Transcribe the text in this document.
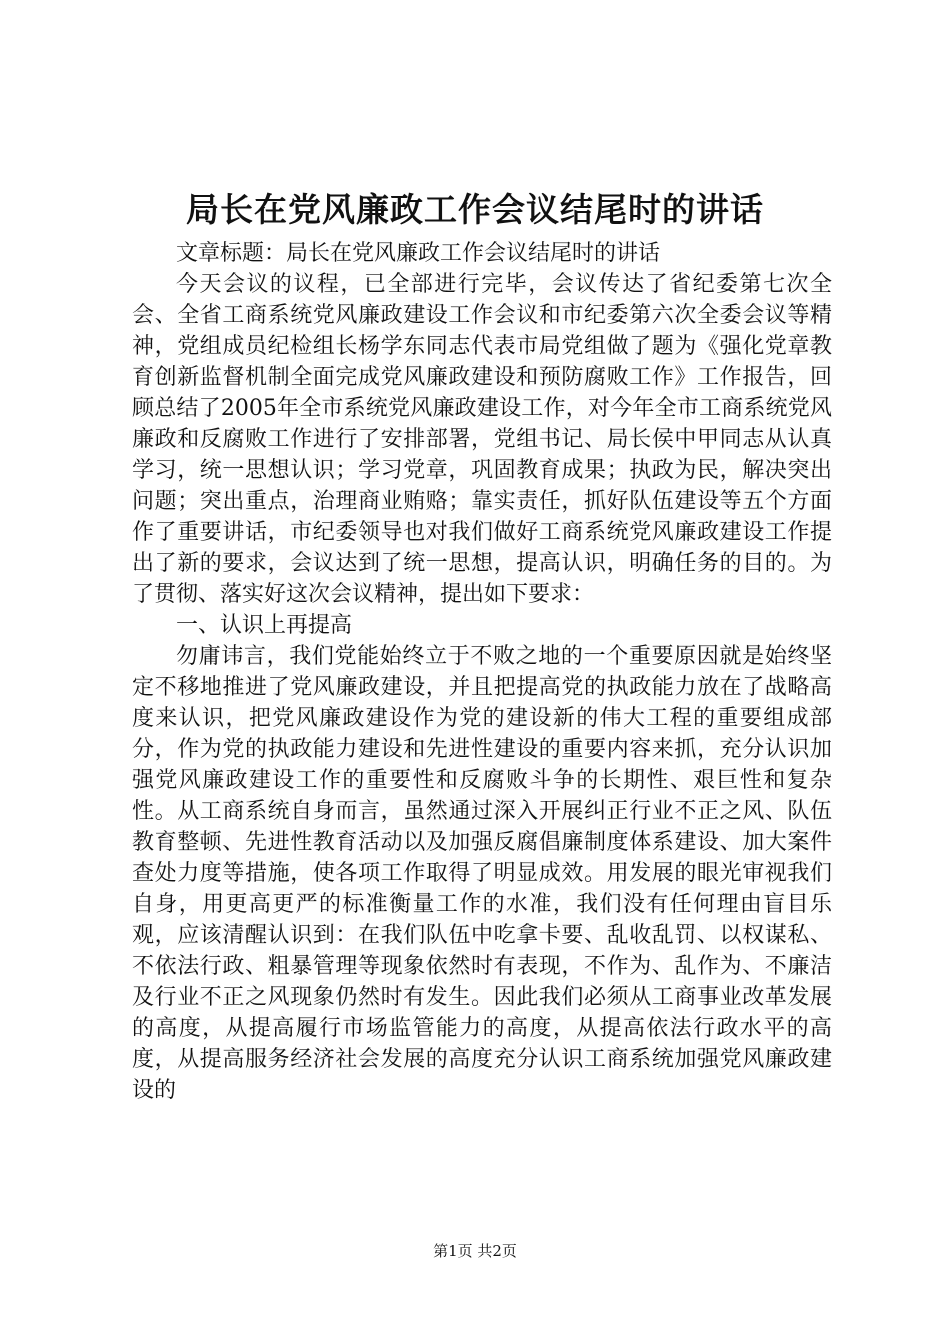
局长在党风廉政工作会议结尾时的讲话

文章标题：局长在党风廉政工作会议结尾时的讲话

今天会议的议程，已全部进行完毕，会议传达了省纪委第七次全会、全省工商系统党风廉政建设工作会议和市纪委第六次全委会议等精神，党组成员纪检组长杨学东同志代表市局党组做了题为《强化党章教育创新监督机制全面完成党风廉政建设和预防腐败工作》工作报告，回顾总结了2005年全市系统党风廉政建设工作，对今年全市工商系统党风廉政和反腐败工作进行了安排部署，党组书记、局长侯中甲同志从认真学习，统一思想认识；学习党章，巩固教育成果；执政为民，解决突出问题；突出重点，治理商业贿赂；靠实责任，抓好队伍建设等五个方面作了重要讲话，市纪委领导也对我们做好工商系统党风廉政建设工作提出了新的要求，会议达到了统一思想，提高认识，明确任务的目的。为了贯彻、落实好这次会议精神，提出如下要求：

一、认识上再提高

勿庸讳言，我们党能始终立于不败之地的一个重要原因就是始终坚定不移地推进了党风廉政建设，并且把提高党的执政能力放在了战略高度来认识，把党风廉政建设作为党的建设新的伟大工程的重要组成部分，作为党的执政能力建设和先进性建设的重要内容来抓，充分认识加强党风廉政建设工作的重要性和反腐败斗争的长期性、艰巨性和复杂性。从工商系统自身而言，虽然通过深入开展纠正行业不正之风、队伍教育整顿、先进性教育活动以及加强反腐倡廉制度体系建设、加大案件查处力度等措施，使各项工作取得了明显成效。用发展的眼光审视我们自身，用更高更严的标准衡量工作的水准，我们没有任何理由盲目乐观，应该清醒认识到：在我们队伍中吃拿卡要、乱收乱罚、以权谋私、不依法行政、粗暴管理等现象依然时有表现，不作为、乱作为、不廉洁及行业不正之风现象仍然时有发生。因此我们必须从工商事业改革发展的高度，从提高履行市场监管能力的高度，从提高依法行政水平的高度，从提高服务经济社会发展的高度充分认识工商系统加强党风廉政建设的

第1页 共2页
